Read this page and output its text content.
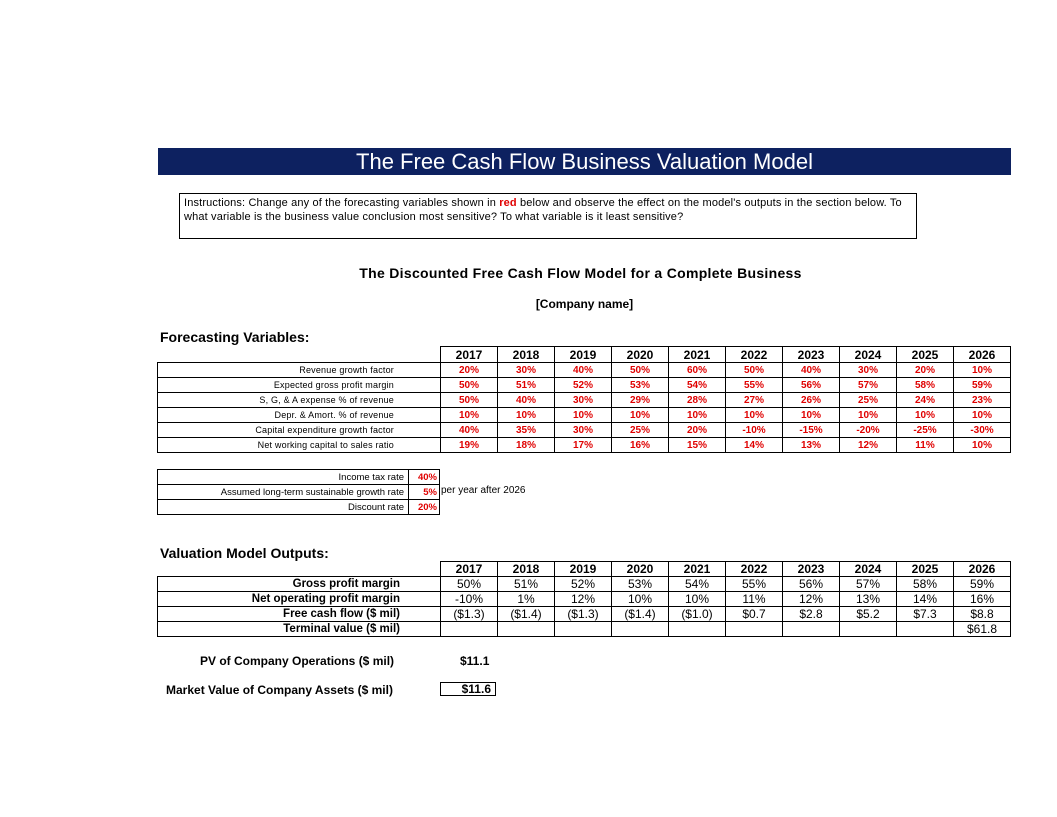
The Free Cash Flow Business Valuation Model
Instructions: Change any of the forecasting variables shown in red below and observe the effect on the model's outputs in the section below. To what variable is the business value conclusion most sensitive? To what variable is it least sensitive?
The Discounted Free Cash Flow Model for a Complete Business
[Company name]
Forecasting Variables:
	2017	2018	2019	2020	2021	2022	2023	2024	2025	2026
Revenue growth factor	20%	30%	40%	50%	60%	50%	40%	30%	20%	10%
Expected gross profit margin	50%	51%	52%	53%	54%	55%	56%	57%	58%	59%
S, G, & A expense % of revenue	50%	40%	30%	29%	28%	27%	26%	25%	24%	23%
Depr. & Amort. % of revenue	10%	10%	10%	10%	10%	10%	10%	10%	10%	10%
Capital expenditure growth factor	40%	35%	30%	25%	20%	-10%	-15%	-20%	-25%	-30%
Net working capital to sales ratio	19%	18%	17%	16%	15%	14%	13%	12%	11%	10%
Income tax rate	40%
Assumed long-term sustainable growth rate	5%
Discount rate	20%
per year after 2026
Valuation Model Outputs:
	2017	2018	2019	2020	2021	2022	2023	2024	2025	2026
Gross profit margin	50%	51%	52%	53%	54%	55%	56%	57%	58%	59%
Net operating profit margin	-10%	1%	12%	10%	10%	11%	12%	13%	14%	16%
Free cash flow ($ mil)	($1.3)	($1.4)	($1.3)	($1.4)	($1.0)	$0.7	$2.8	$5.2	$7.3	$8.8
Terminal value ($ mil)										$61.8
PV of Company Operations ($ mil)	$11.1
Market Value of Company Assets ($ mil)	$11.6
